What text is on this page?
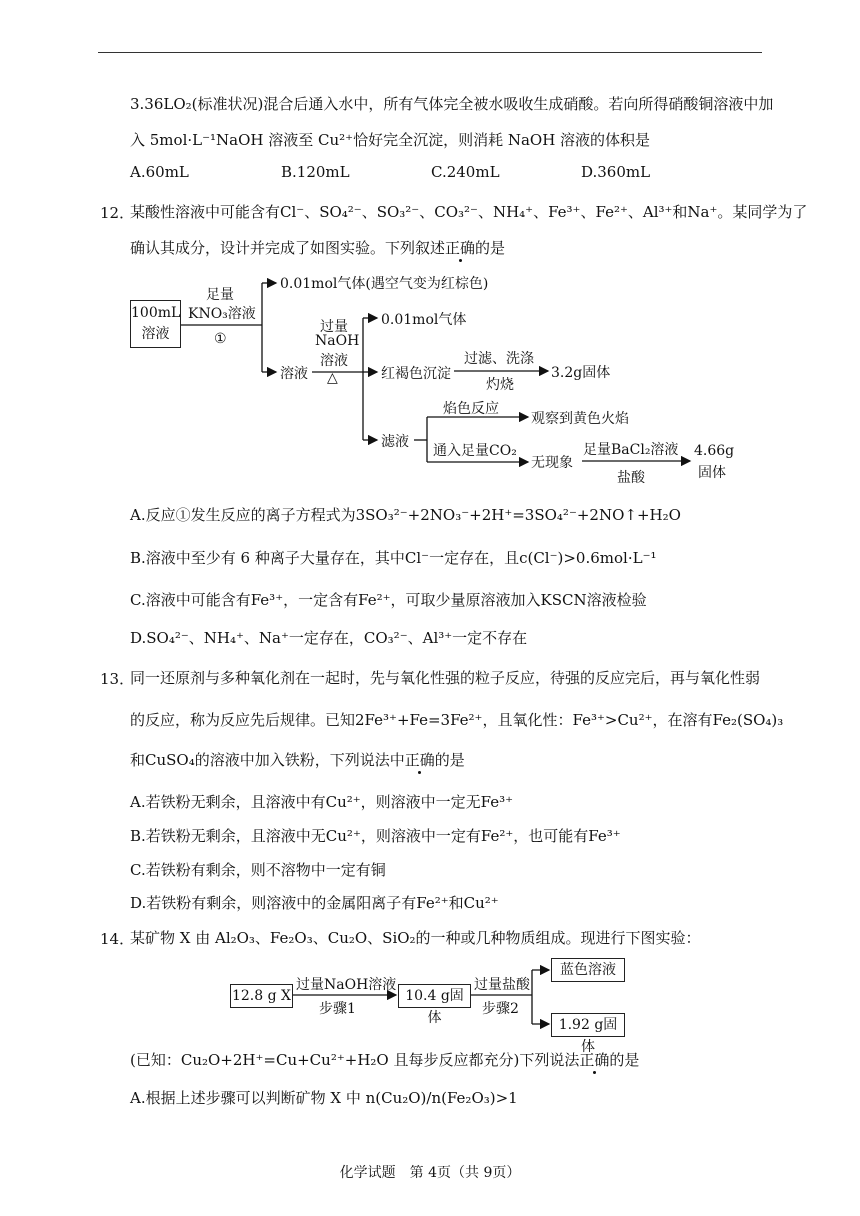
3.36LO₂(标准状况)混合后通入水中，所有气体完全被水吸收生成硝酸。若向所得硝酸铜溶液中加
入 5mol·L⁻¹NaOH 溶液至 Cu²⁺恰好完全沉淀，则消耗 NaOH 溶液的体积是
A.60mL	B.120mL	C.240mL	D.360mL
12．
某酸性溶液中可能含有Cl⁻、SO₄²⁻、SO₃²⁻、CO₃²⁻、NH₄⁺、Fe³⁺、Fe²⁺、Al³⁺和Na⁺。某同学为了
确认其成分，设计并完成了如图实验。下列叙述正确的是
100mL
溶液
足量
KNO₃溶液
①
0.01mol气体(遇空气变为红棕色)
溶液
过量
NaOH
溶液
△
0.01mol气体
红褐色沉淀
过滤、洗涤
灼烧
3.2g固体
滤液
焰色反应
观察到黄色火焰
通入足量CO₂
无现象
足量BaCl₂溶液
盐酸
4.66g
固体
A.反应①发生反应的离子方程式为3SO₃²⁻+2NO₃⁻+2H⁺=3SO₄²⁻+2NO↑+H₂O
B.溶液中至少有 6 种离子大量存在，其中Cl⁻一定存在，且c(Cl⁻)>0.6mol·L⁻¹
C.溶液中可能含有Fe³⁺，一定含有Fe²⁺，可取少量原溶液加入KSCN溶液检验
D.SO₄²⁻、NH₄⁺、Na⁺一定存在，CO₃²⁻、Al³⁺一定不存在
13．
同一还原剂与多种氧化剂在一起时，先与氧化性强的粒子反应，待强的反应完后，再与氧化性弱
的反应，称为反应先后规律。已知2Fe³⁺+Fe=3Fe²⁺，且氧化性：Fe³⁺>Cu²⁺，在溶有Fe₂(SO₄)₃
和CuSO₄的溶液中加入铁粉，下列说法中正确的是
A.若铁粉无剩余，且溶液中有Cu²⁺，则溶液中一定无Fe³⁺
B.若铁粉无剩余，且溶液中无Cu²⁺，则溶液中一定有Fe²⁺，也可能有Fe³⁺
C.若铁粉有剩余，则不溶物中一定有铜
D.若铁粉有剩余，则溶液中的金属阳离子有Fe²⁺和Cu²⁺
14．
某矿物 X 由 Al₂O₃、Fe₂O₃、Cu₂O、SiO₂的一种或几种物质组成。现进行下图实验：
12.8 g X
过量NaOH溶液
步骤1
10.4 g固体
过量盐酸
步骤2
蓝色溶液
1.92 g固体
(已知：Cu₂O+2H⁺=Cu+Cu²⁺+H₂O 且每步反应都充分)下列说法正确的是
A.根据上述步骤可以判断矿物 X 中 n(Cu₂O)/n(Fe₂O₃)>1
化学试题　第 4页（共 9页）
